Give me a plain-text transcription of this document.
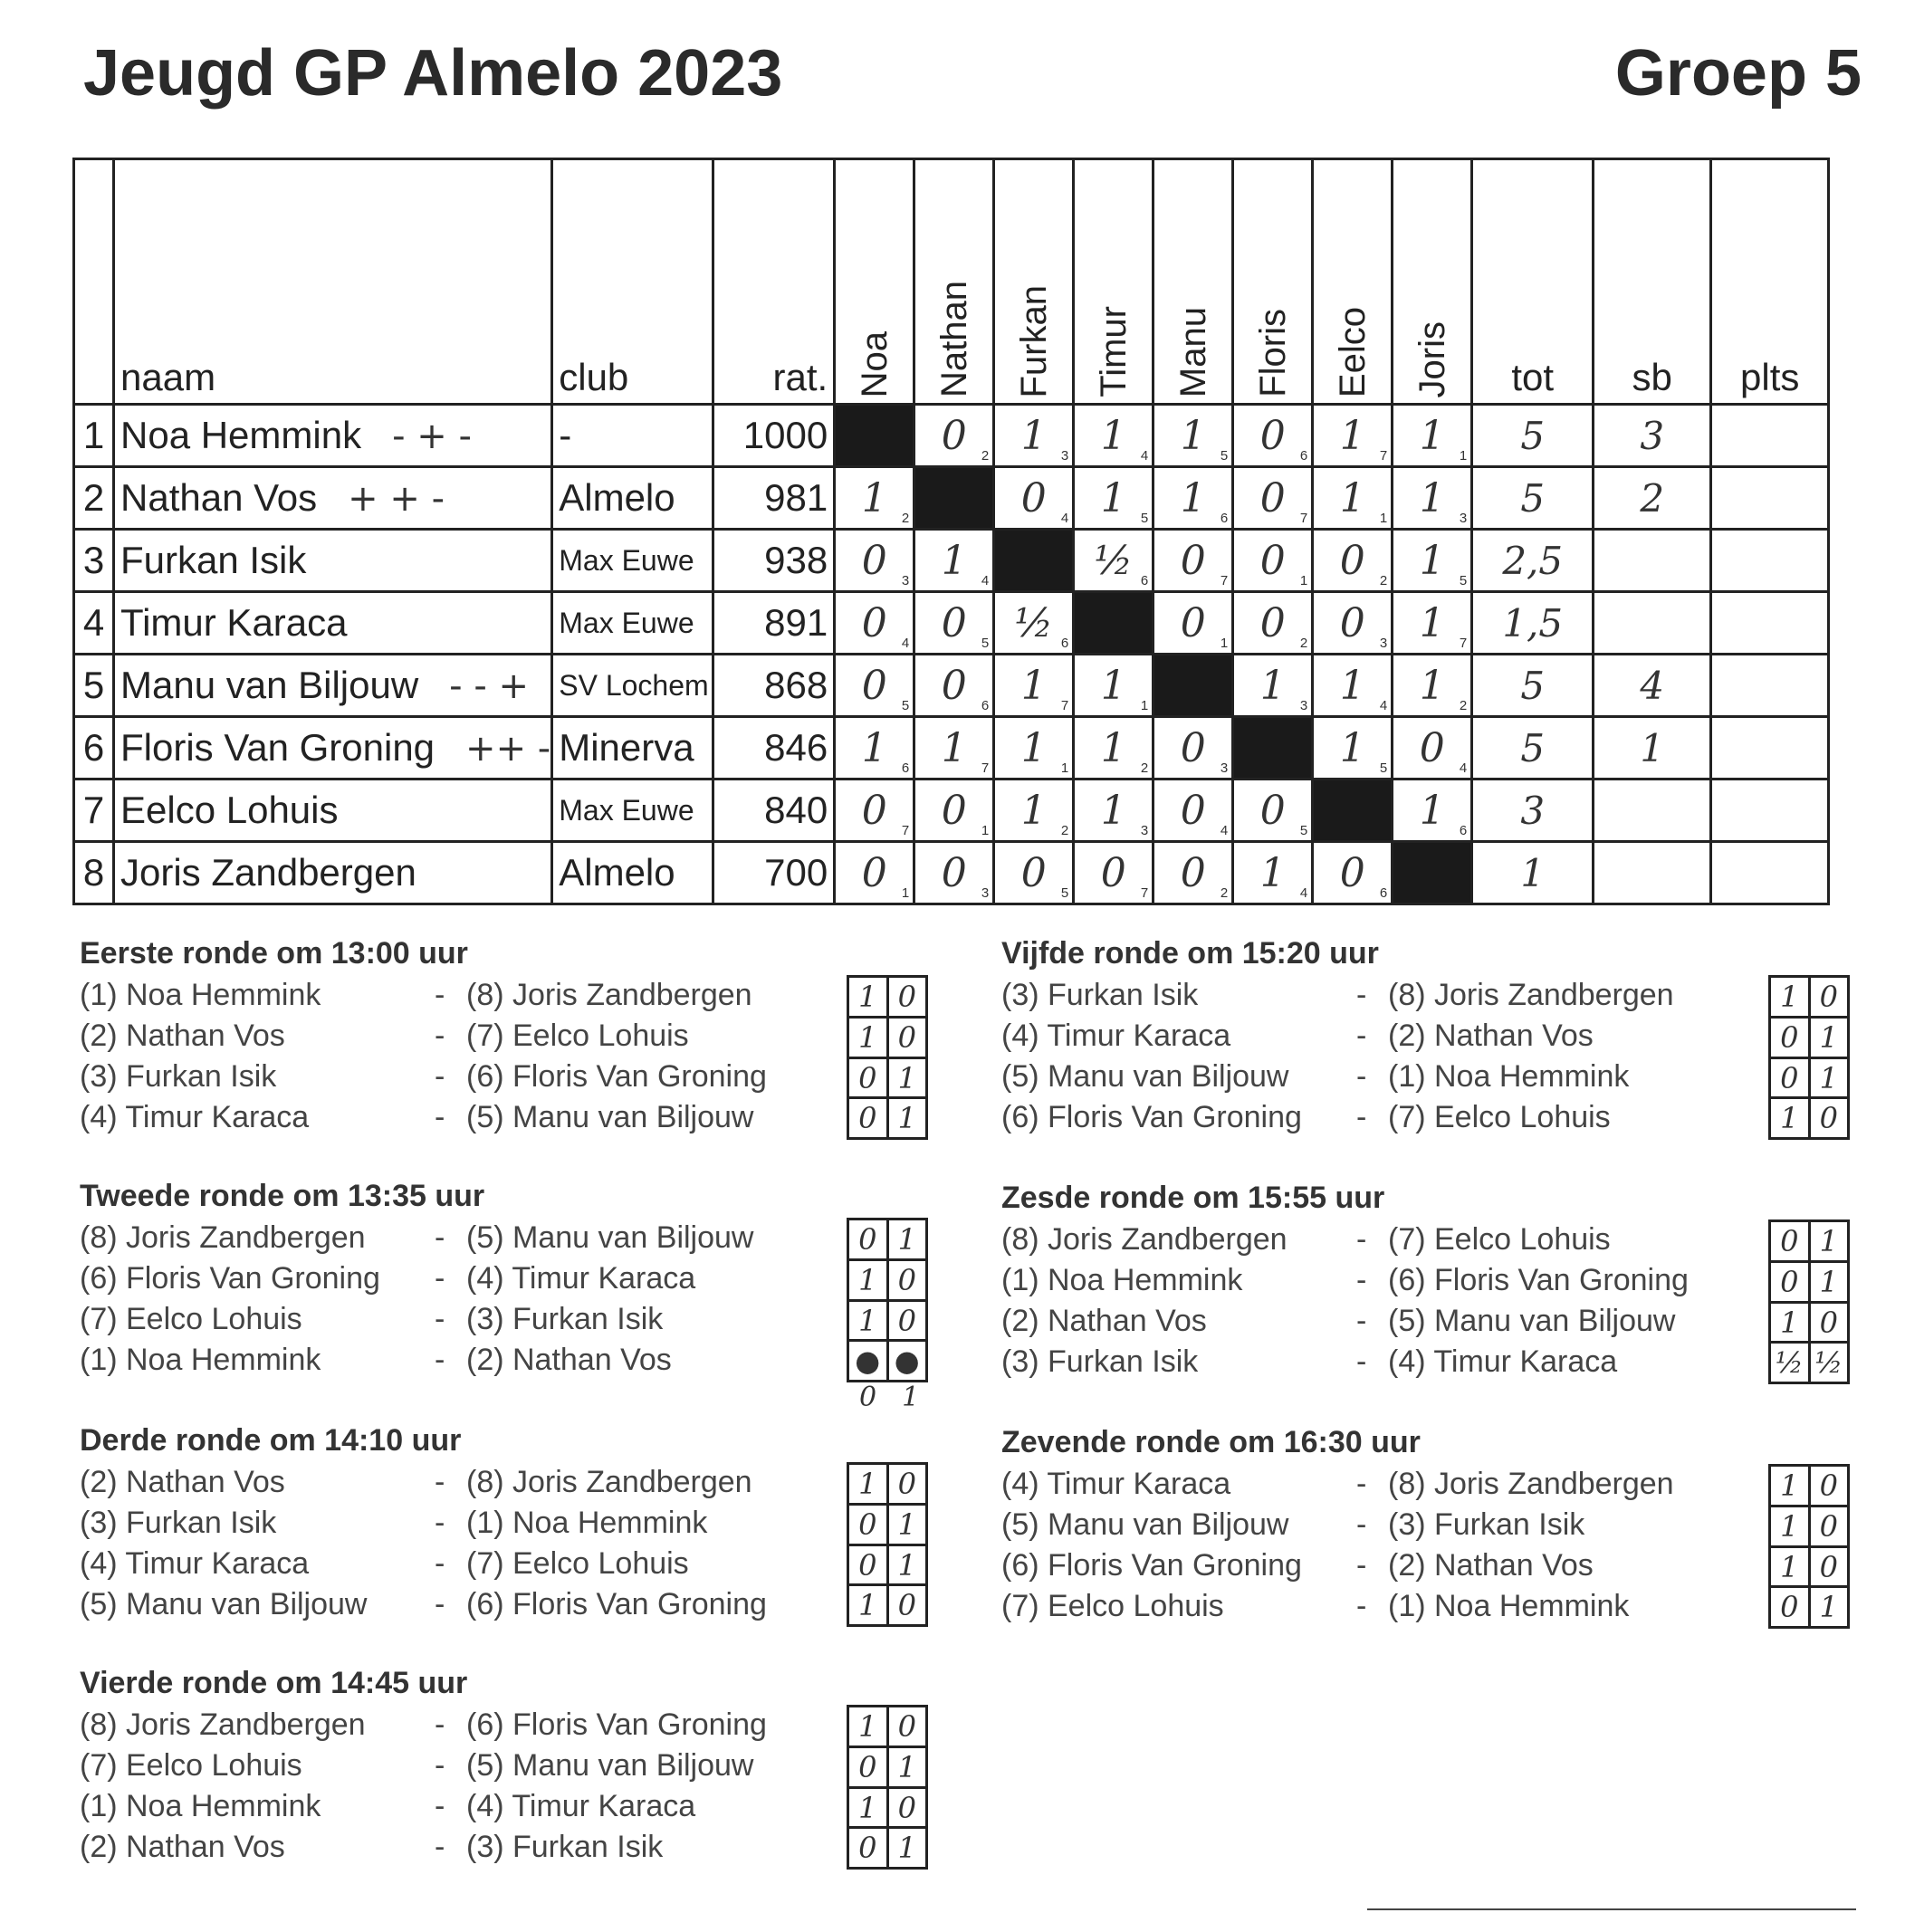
Jeugd GP Almelo 2023	Groep 5
	naam	club	rat.	Noa	Nathan	Furkan	Timur	Manu	Floris	Eelco	Joris	tot	sb	plts
1	Noa Hemmink - + -	-	1000		0 2	1 3	1 4	1 5	0 6	1 7	1 1	5	3	
2	Nathan Vos + + -	Almelo	981	1 2		0 4	1 5	1 6	0 7	1 1	1 3	5	2	
3	Furkan Isik	Max Euwe	938	0 3	1 4		½ 6	0 7	0 1	0 2	1 5	2,5		
4	Timur Karaca	Max Euwe	891	0 4	0 5	½ 6		0 1	0 2	0 3	1 7	1,5		
5	Manu van Biljouw - - +	SV Lochem	868	0 5	0 6	1 7	1 1		1 3	1 4	1 2	5	4	
6	Floris Van Groning ++ -	Minerva	846	1 6	1 7	1 1	1 2	0 3		1 5	0 4	5	1	
7	Eelco Lohuis	Max Euwe	840	0 7	0 1	1 2	1 3	0 4	0 5		1 6	3		
8	Joris Zandbergen	Almelo	700	0 1	0 3	0 5	0 7	0 2	1 4	0 6		1		
Eerste ronde om 13:00 uur
(1) Noa Hemmink	- (8) Joris Zandbergen	1 0
(2) Nathan Vos	- (7) Eelco Lohuis	1 0
(3) Furkan Isik	- (6) Floris Van Groning	0 1
(4) Timur Karaca	- (5) Manu van Biljouw	0 1
Tweede ronde om 13:35 uur
(8) Joris Zandbergen	- (5) Manu van Biljouw	0 1
(6) Floris Van Groning	- (4) Timur Karaca	1 0
(7) Eelco Lohuis	- (3) Furkan Isik	1 0
(1) Noa Hemmink	- (2) Nathan Vos	● ●
0 1
Derde ronde om 14:10 uur
(2) Nathan Vos	- (8) Joris Zandbergen	1 0
(3) Furkan Isik	- (1) Noa Hemmink	0 1
(4) Timur Karaca	- (7) Eelco Lohuis	0 1
(5) Manu van Biljouw	- (6) Floris Van Groning	1 0
Vierde ronde om 14:45 uur
(8) Joris Zandbergen	- (6) Floris Van Groning	1 0
(7) Eelco Lohuis	- (5) Manu van Biljouw	0 1
(1) Noa Hemmink	- (4) Timur Karaca	1 0
(2) Nathan Vos	- (3) Furkan Isik	0 1
Vijfde ronde om 15:20 uur
(3) Furkan Isik	- (8) Joris Zandbergen	1 0
(4) Timur Karaca	- (2) Nathan Vos	0 1
(5) Manu van Biljouw	- (1) Noa Hemmink	0 1
(6) Floris Van Groning	- (7) Eelco Lohuis	1 0
Zesde ronde om 15:55 uur
(8) Joris Zandbergen	- (7) Eelco Lohuis	0 1
(1) Noa Hemmink	- (6) Floris Van Groning	0 1
(2) Nathan Vos	- (5) Manu van Biljouw	1 0
(3) Furkan Isik	- (4) Timur Karaca	½ ½
Zevende ronde om 16:30 uur
(4) Timur Karaca	- (8) Joris Zandbergen	1 0
(5) Manu van Biljouw	- (3) Furkan Isik	1 0
(6) Floris Van Groning	- (2) Nathan Vos	1 0
(7) Eelco Lohuis	- (1) Noa Hemmink	0 1
